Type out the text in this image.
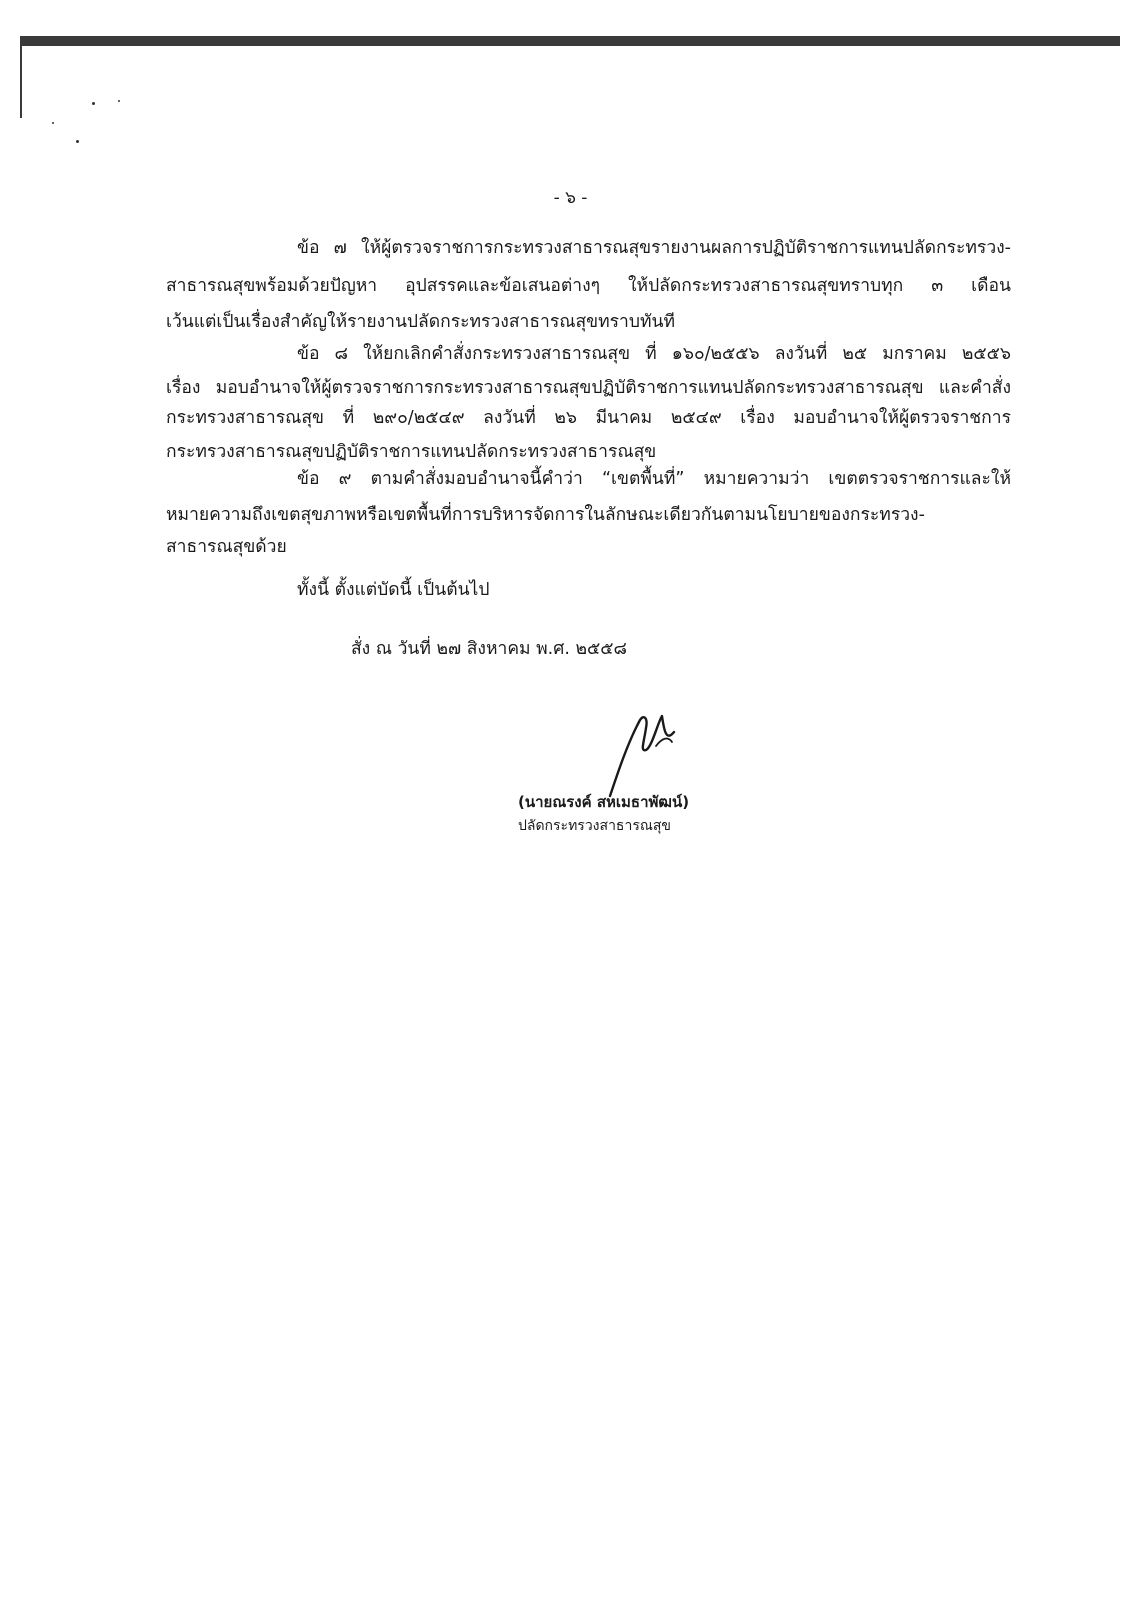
- ๖ -
ข้อ ๗ ให้ผู้ตรวจราชการกระทรวงสาธารณสุขรายงานผลการปฏิบัติราชการแทนปลัดกระทรวง-
สาธารณสุขพร้อมด้วยปัญหา อุปสรรคและข้อเสนอต่างๆ ให้ปลัดกระทรวงสาธารณสุขทราบทุก ๓ เดือน
เว้นแต่เป็นเรื่องสำคัญให้รายงานปลัดกระทรวงสาธารณสุขทราบทันที
ข้อ ๘ ให้ยกเลิกคำสั่งกระทรวงสาธารณสุข ที่ ๑๖๐/๒๕๕๖ ลงวันที่ ๒๕ มกราคม ๒๕๕๖
เรื่อง มอบอำนาจให้ผู้ตรวจราชการกระทรวงสาธารณสุขปฏิบัติราชการแทนปลัดกระทรวงสาธารณสุข และคำสั่ง
กระทรวงสาธารณสุข ที่ ๒๙๐/๒๕๔๙ ลงวันที่ ๒๖ มีนาคม ๒๕๔๙ เรื่อง มอบอำนาจให้ผู้ตรวจราชการ
กระทรวงสาธารณสุขปฏิบัติราชการแทนปลัดกระทรวงสาธารณสุข
ข้อ ๙ ตามคำสั่งมอบอำนาจนี้คำว่า “เขตพื้นที่” หมายความว่า เขตตรวจราชการและให้
หมายความถึงเขตสุขภาพหรือเขตพื้นที่การบริหารจัดการในลักษณะเดียวกันตามนโยบายของกระทรวง-
สาธารณสุขด้วย
ทั้งนี้ ตั้งแต่บัดนี้ เป็นต้นไป
สั่ง ณ วันที่ ๒๗ สิงหาคม พ.ศ. ๒๕๕๘
(นายณรงค์ สหเมธาพัฒน์)
ปลัดกระทรวงสาธารณสุข
